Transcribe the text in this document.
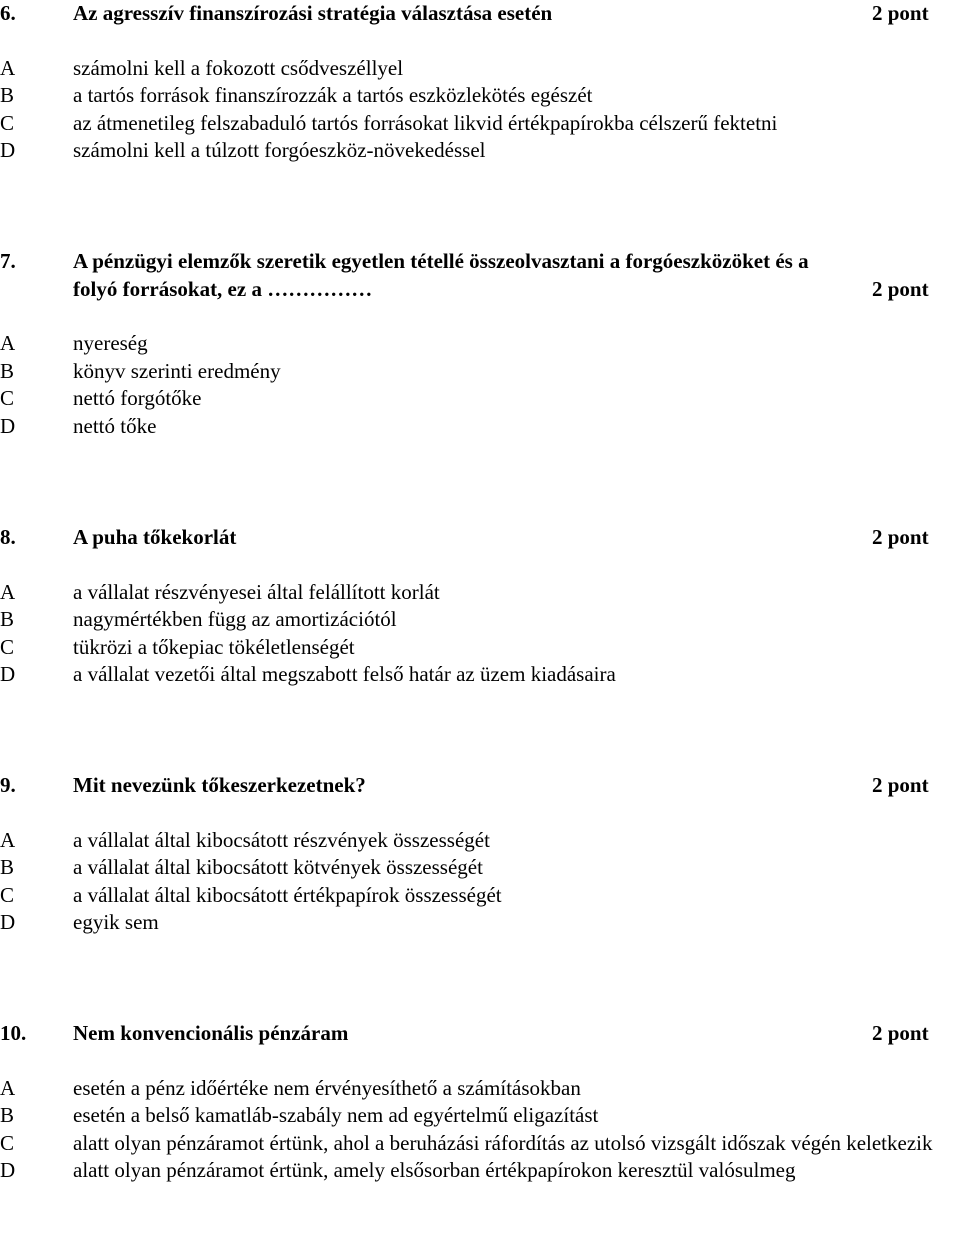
6.	Az agresszív finanszírozási stratégia választása esetén	2 pont
A	számolni kell a fokozott csődveszéllyel
B	a tartós források finanszírozzák a tartós eszközlekötés egészét
C	az átmenetileg felszabaduló tartós forrásokat likvid értékpapírokba célszerű fektetni
D	számolni kell a túlzott forgóeszköz-növekedéssel
7.	A pénzügyi elemzők szeretik egyetlen tétellé összeolvasztani a forgóeszközöket és a
folyó forrásokat, ez a ……………	2 pont
A	nyereség
B	könyv szerinti eredmény
C	nettó forgótőke
D	nettó tőke
8.	A puha tőkekorlát	2 pont
A	a vállalat részvényesei által felállított korlát
B	nagymértékben függ az amortizációtól
C	tükrözi a tőkepiac tökéletlenségét
D	a vállalat vezetői által megszabott felső határ az üzem kiadásaira
9.	Mit nevezünk tőkeszerkezetnek?	2 pont
A	a vállalat által kibocsátott részvények összességét
B	a vállalat által kibocsátott kötvények összességét
C	a vállalat által kibocsátott értékpapírok összességét
D	egyik sem
10.	Nem konvencionális pénzáram	2 pont
A	esetén a pénz időértéke nem érvényesíthető a számításokban
B	esetén a belső kamatláb-szabály nem ad egyértelmű eligazítást
C	alatt olyan pénzáramot értünk, ahol a beruházási ráfordítás az utolsó vizsgált időszak végén keletkezik
D	alatt olyan pénzáramot értünk, amely elsősorban értékpapírokon keresztül valósulmeg
